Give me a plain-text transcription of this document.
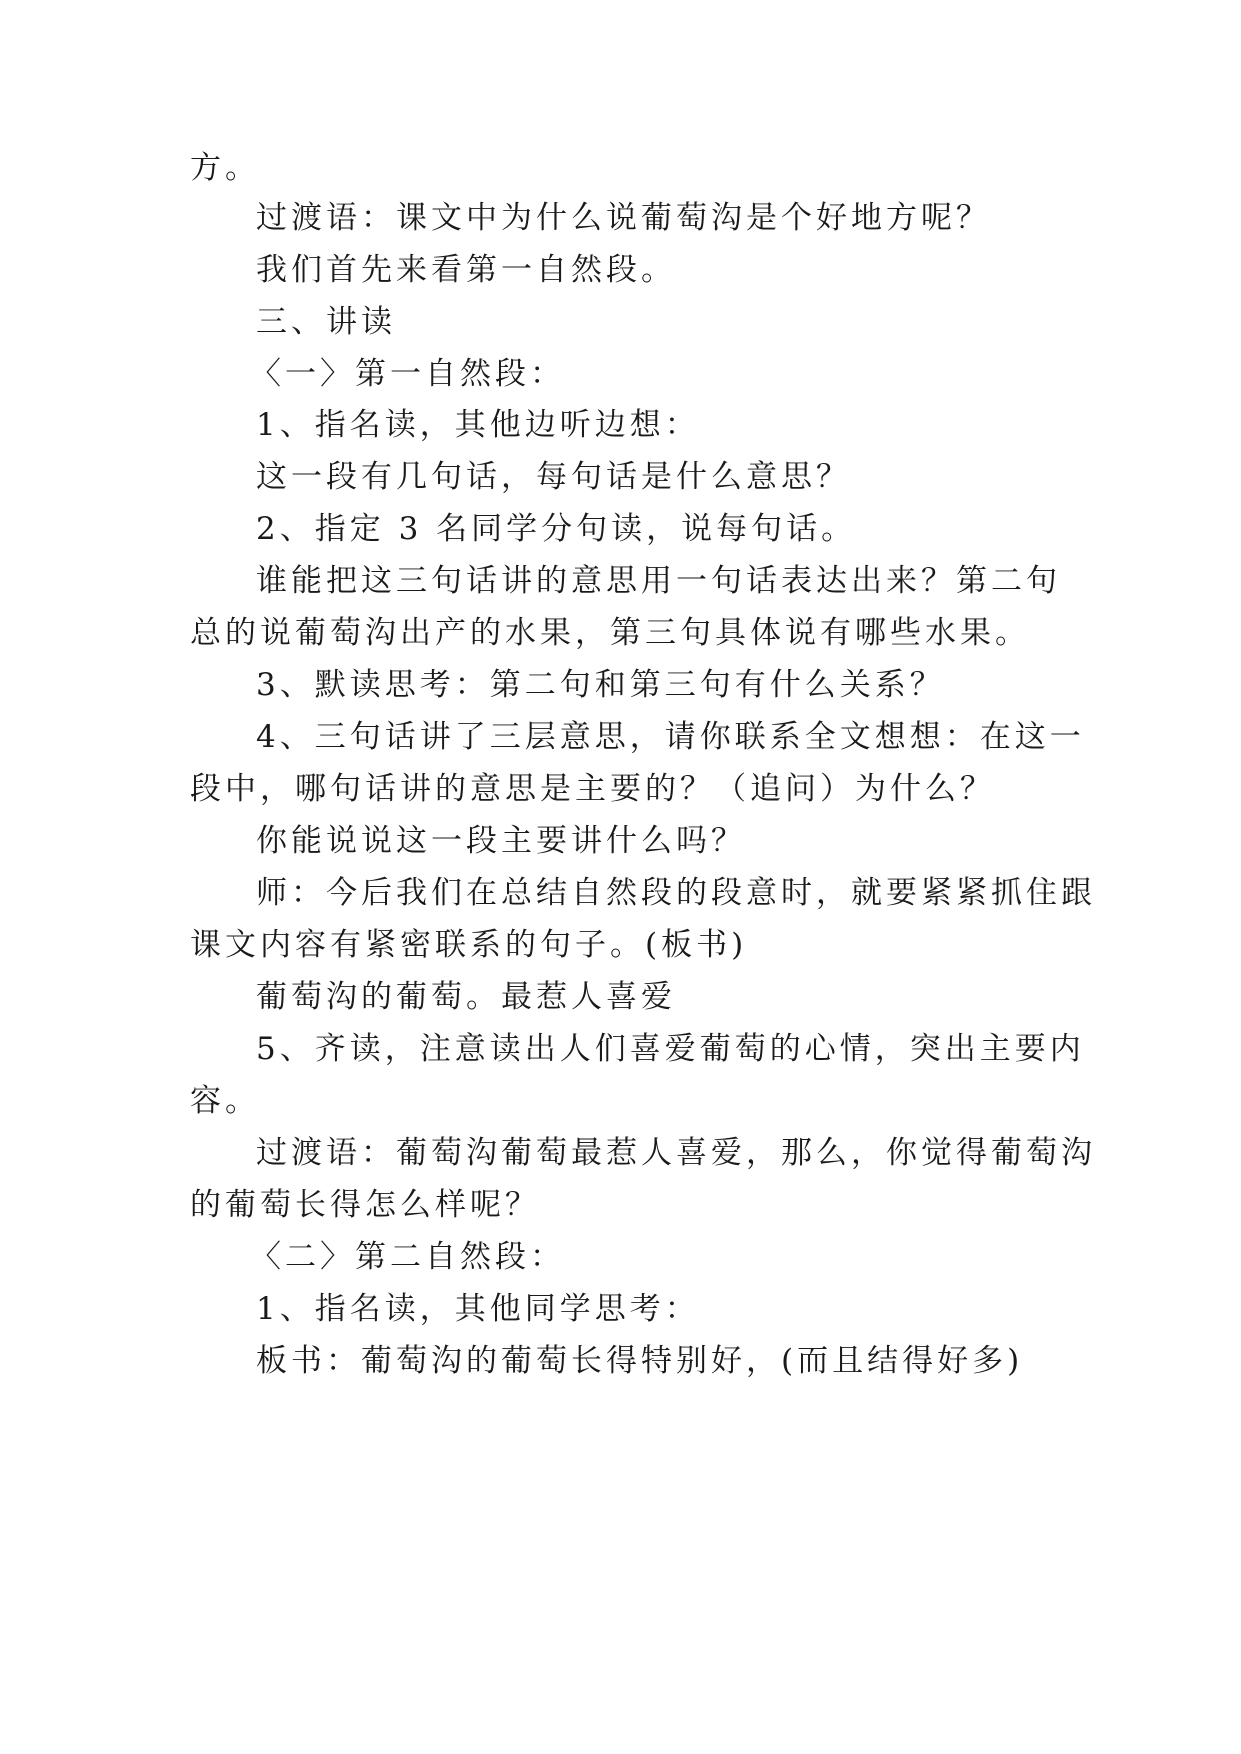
方。
过渡语：课文中为什么说葡萄沟是个好地方呢？
我们首先来看第一自然段。
三、讲读
〈一〉第一自然段：
1、指名读，其他边听边想：
这一段有几句话，每句话是什么意思？
2、指定 3 名同学分句读，说每句话。
谁能把这三句话讲的意思用一句话表达出来？第二句
总的说葡萄沟出产的水果，第三句具体说有哪些水果。
3、默读思考：第二句和第三句有什么关系？
4、三句话讲了三层意思，请你联系全文想想：在这一
段中，哪句话讲的意思是主要的？（追问）为什么？
你能说说这一段主要讲什么吗？
师：今后我们在总结自然段的段意时，就要紧紧抓住跟
课文内容有紧密联系的句子。(板书)
葡萄沟的葡萄。最惹人喜爱
5、齐读，注意读出人们喜爱葡萄的心情，突出主要内
容。
过渡语：葡萄沟葡萄最惹人喜爱，那么，你觉得葡萄沟
的葡萄长得怎么样呢？
〈二〉第二自然段：
1、指名读，其他同学思考：
板书：葡萄沟的葡萄长得特别好，(而且结得好多)
